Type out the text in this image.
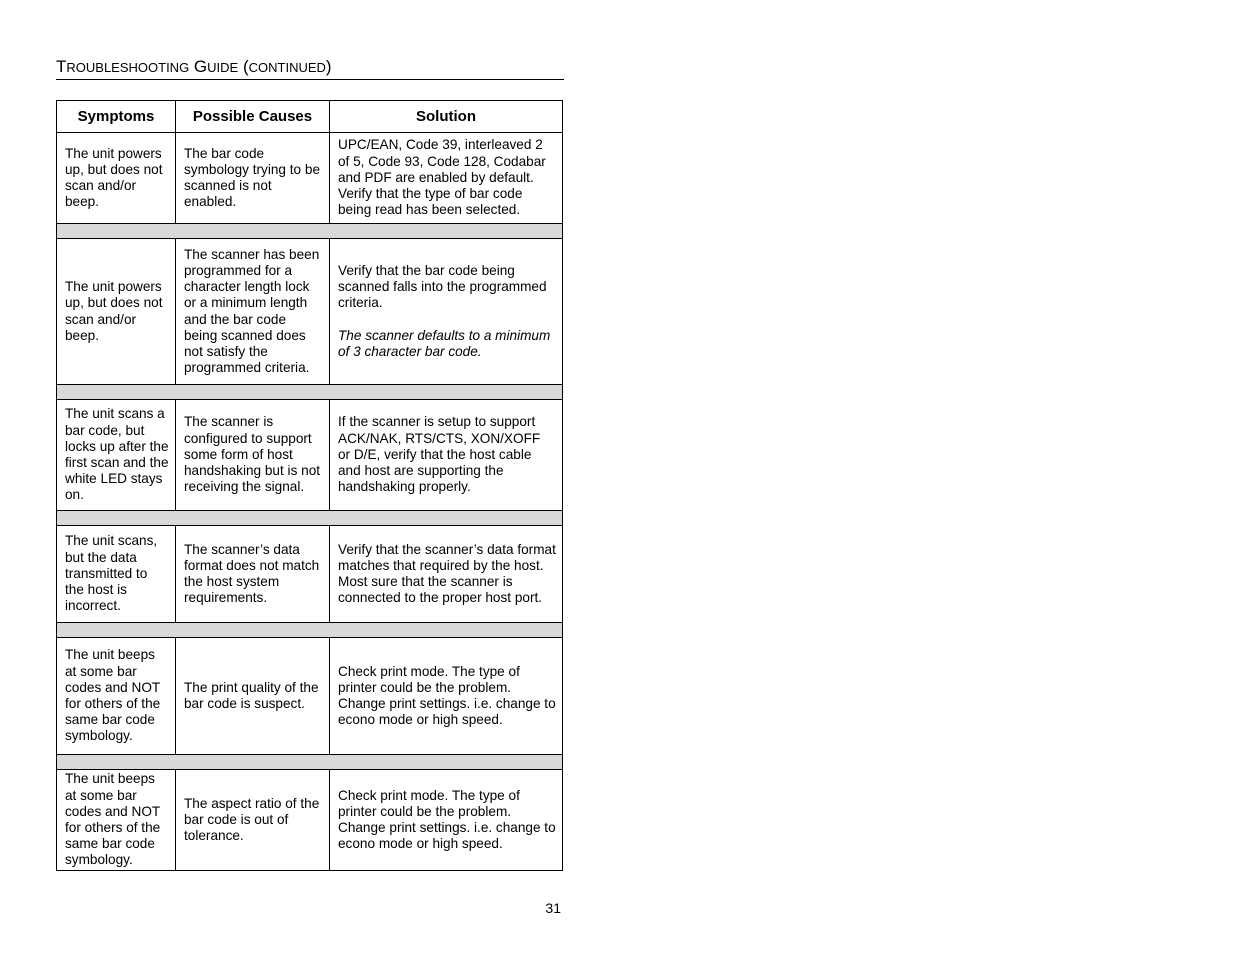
TROUBLESHOOTING GUIDE (CONTINUED)
Symptoms	Possible Causes	Solution
The unit powers up, but does not scan and/or beep.	The bar code symbology trying to be scanned is not enabled.	UPC/EAN, Code 39, interleaved 2 of 5, Code 93, Code 128, Codabar and PDF are enabled by default. Verify that the type of bar code being read has been selected.

The unit powers up, but does not scan and/or beep.	The scanner has been programmed for a character length lock or a minimum length and the bar code being scanned does not satisfy the programmed criteria.	Verify that the bar code being scanned falls into the programmed criteria.
The scanner defaults to a minimum of 3 character bar code.

The unit scans a bar code, but locks up after the first scan and the white LED stays on.	The scanner is configured to support some form of host handshaking but is not receiving the signal.	If the scanner is setup to support ACK/NAK, RTS/CTS, XON/XOFF or D/E, verify that the host cable and host are supporting the handshaking properly.

The unit scans, but the data transmitted to the host is incorrect.	The scanner’s data format does not match the host system requirements.	Verify that the scanner’s data format matches that required by the host. Most sure that the scanner is connected to the proper host port.

The unit beeps at some bar codes and NOT for others of the same bar code symbology.	The print quality of the bar code is suspect.	Check print mode. The type of printer could be the problem. Change print settings. i.e. change to econo mode or high speed.

The unit beeps at some bar codes and NOT for others of the same bar code symbology.	The aspect ratio of the bar code is out of tolerance.	Check print mode. The type of printer could be the problem. Change print settings. i.e. change to econo mode or high speed.
31
